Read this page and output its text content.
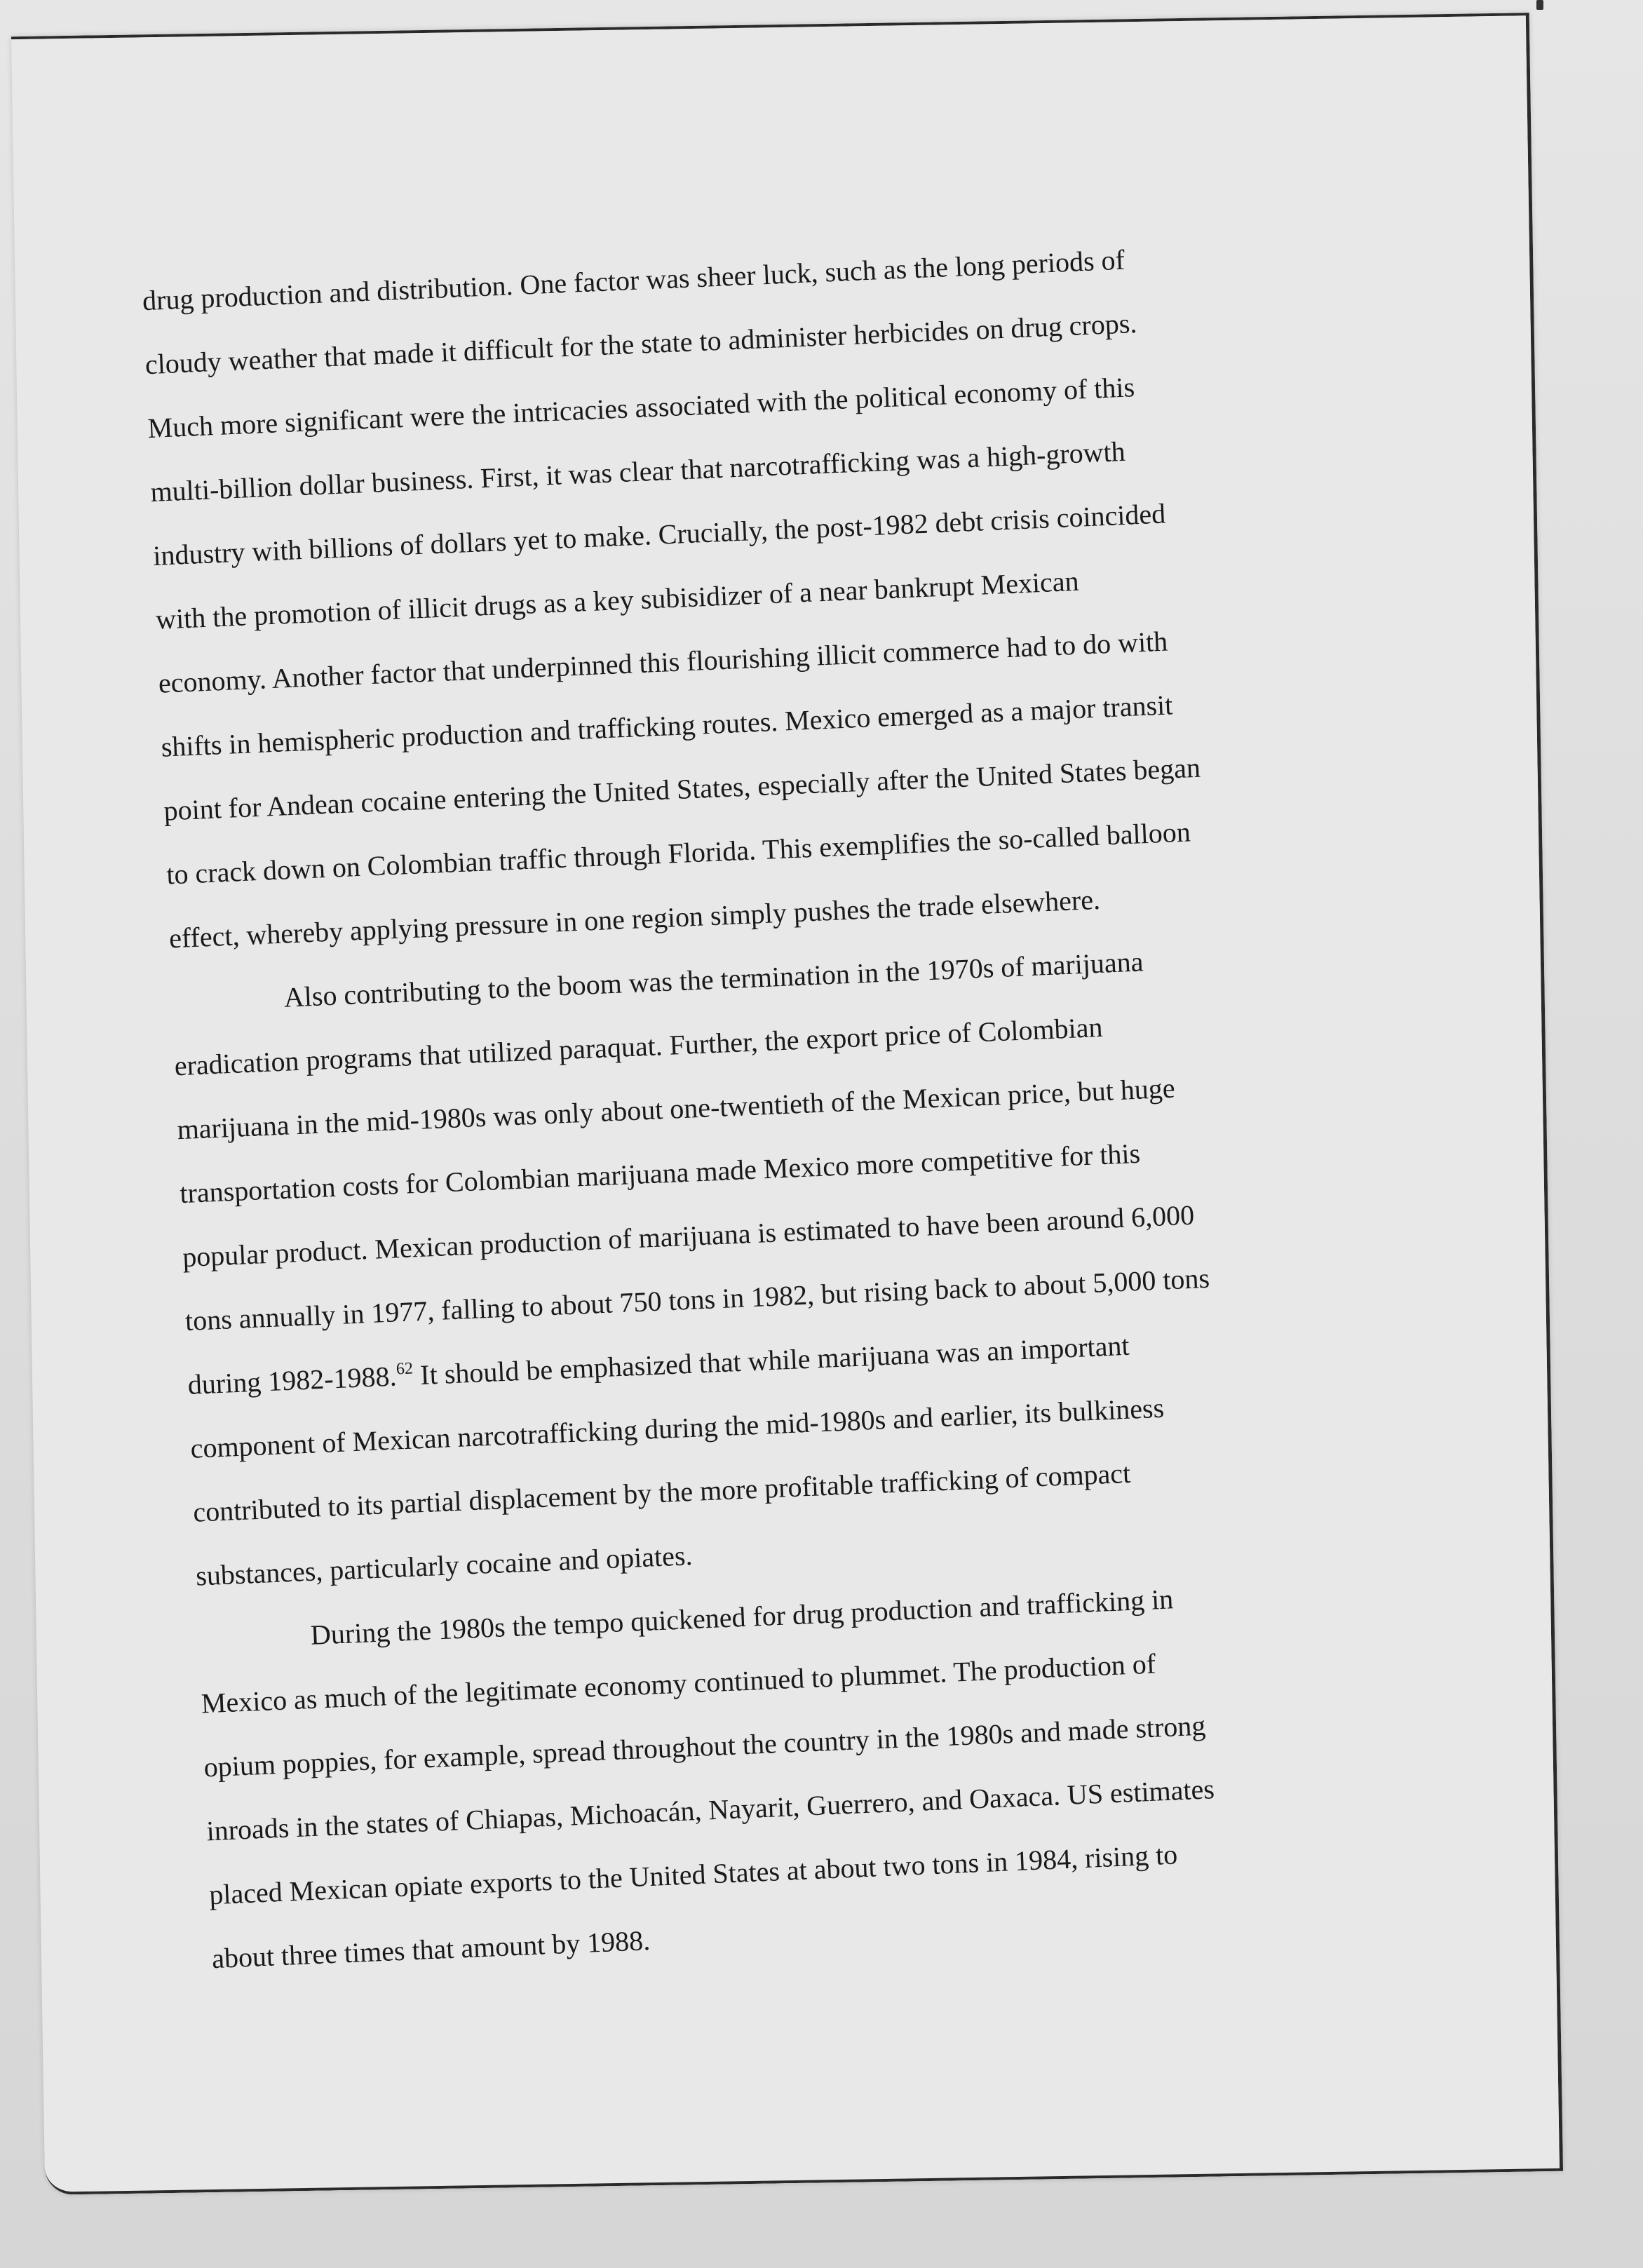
drug production and distribution. One factor was sheer luck, such as the long periods of
cloudy weather that made it difficult for the state to administer herbicides on drug crops.
Much more significant were the intricacies associated with the political economy of this
multi-billion dollar business. First, it was clear that narcotrafficking was a high-growth
industry with billions of dollars yet to make. Crucially, the post-1982 debt crisis coincided
with the promotion of illicit drugs as a key subisidizer of a near bankrupt Mexican
economy. Another factor that underpinned this flourishing illicit commerce had to do with
shifts in hemispheric production and trafficking routes. Mexico emerged as a major transit
point for Andean cocaine entering the United States, especially after the United States began
to crack down on Colombian traffic through Florida. This exemplifies the so-called balloon
effect, whereby applying pressure in one region simply pushes the trade elsewhere.

Also contributing to the boom was the termination in the 1970s of marijuana
eradication programs that utilized paraquat. Further, the export price of Colombian
marijuana in the mid-1980s was only about one-twentieth of the Mexican price, but huge
transportation costs for Colombian marijuana made Mexico more competitive for this
popular product. Mexican production of marijuana is estimated to have been around 6,000
tons annually in 1977, falling to about 750 tons in 1982, but rising back to about 5,000 tons
during 1982-1988.62 It should be emphasized that while marijuana was an important
component of Mexican narcotrafficking during the mid-1980s and earlier, its bulkiness
contributed to its partial displacement by the more profitable trafficking of compact
substances, particularly cocaine and opiates.

During the 1980s the tempo quickened for drug production and trafficking in
Mexico as much of the legitimate economy continued to plummet. The production of
opium poppies, for example, spread throughout the country in the 1980s and made strong
inroads in the states of Chiapas, Michoacán, Nayarit, Guerrero, and Oaxaca. US estimates
placed Mexican opiate exports to the United States at about two tons in 1984, rising to
about three times that amount by 1988.
